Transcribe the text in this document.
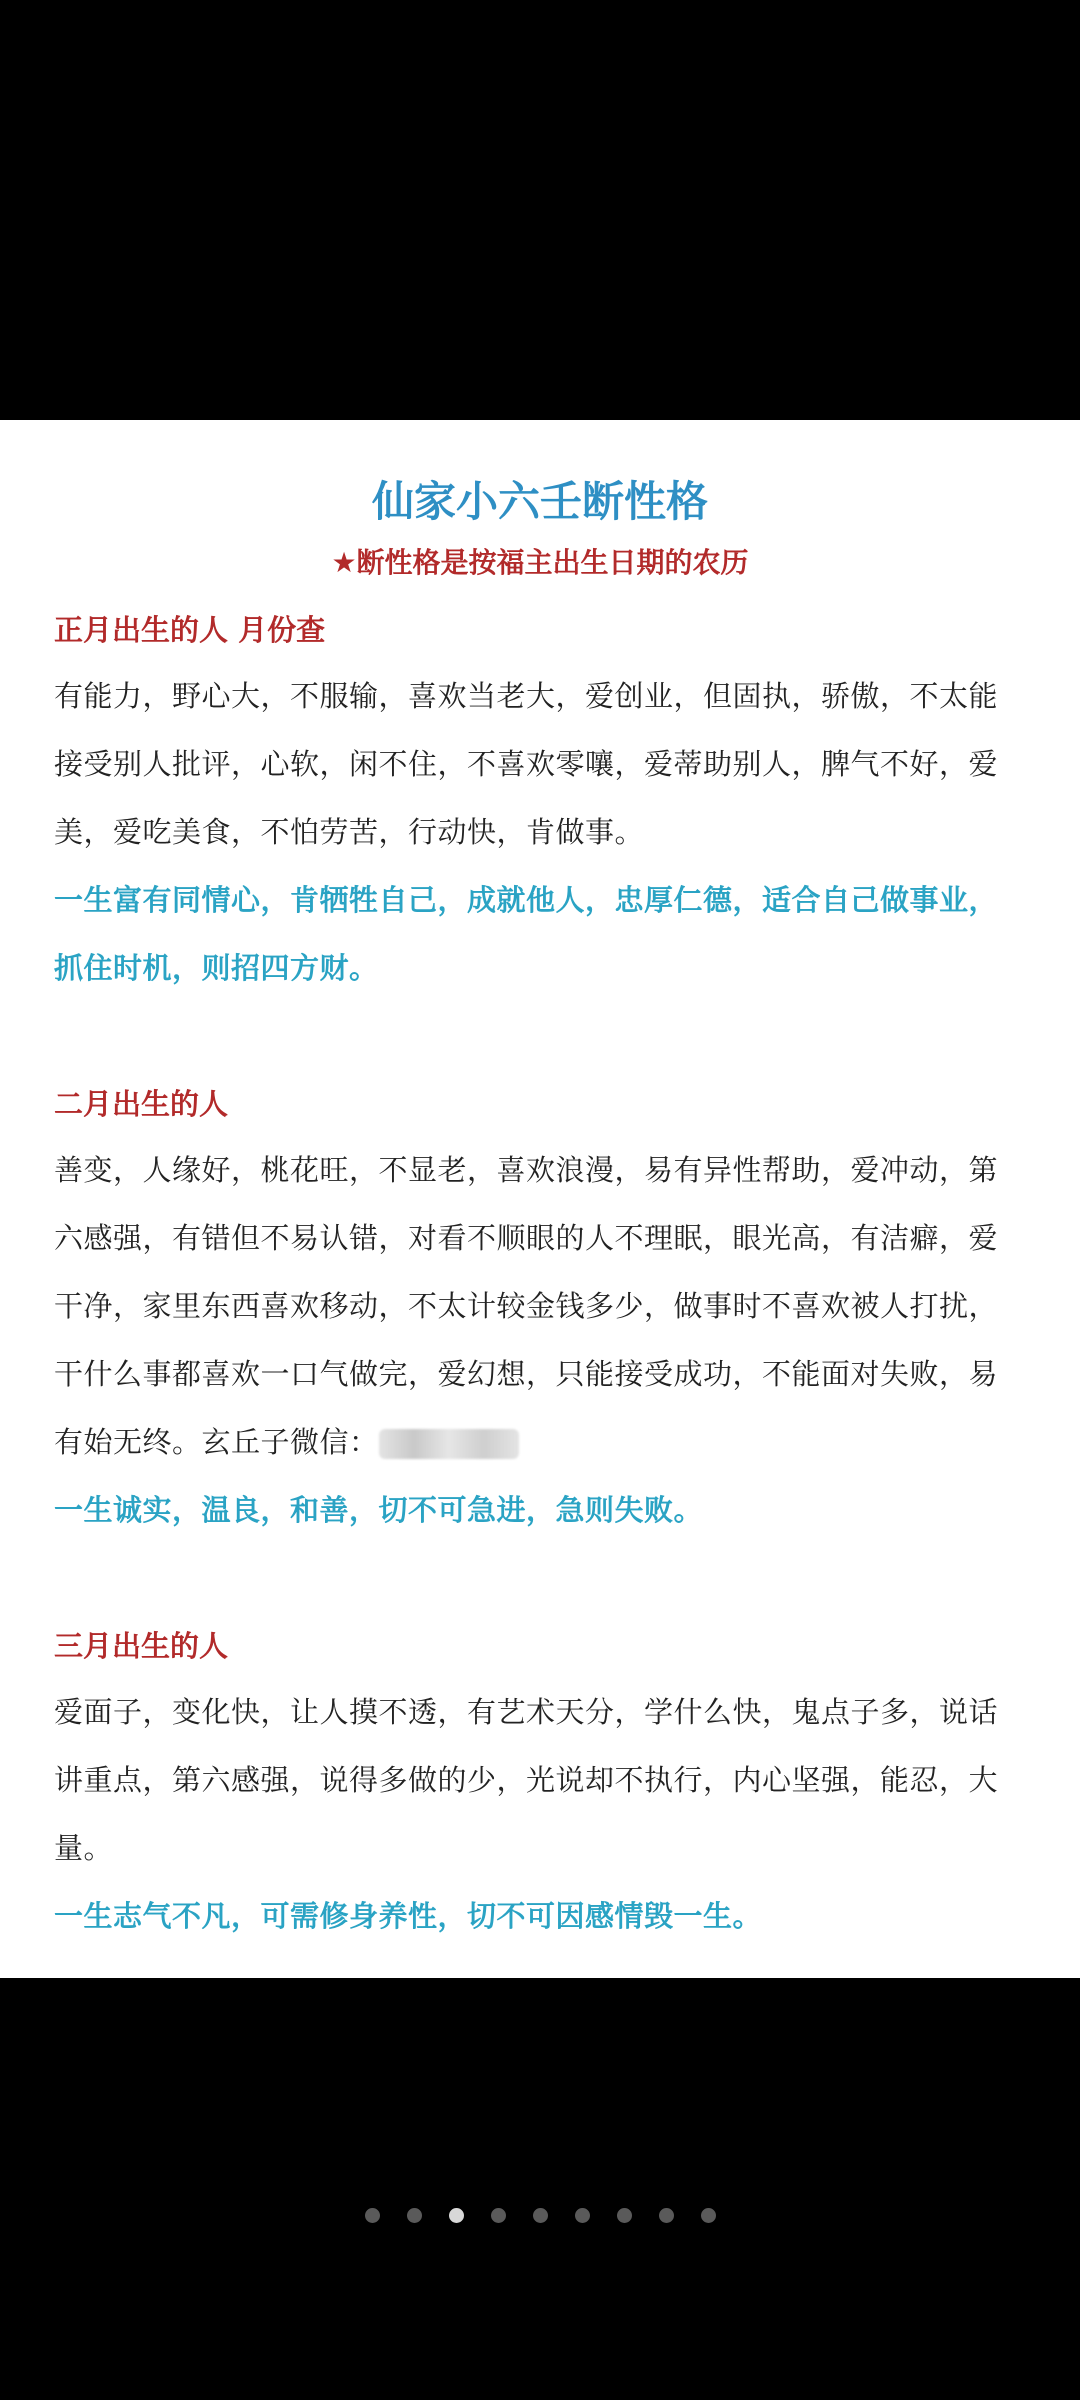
仙家小六壬断性格
★断性格是按福主出生日期的农历
正月出生的人 月份查

有能力，野心大，不服输，喜欢当老大，爱创业，但固执，骄傲，不太能接受别人批评，心软，闲不住，不喜欢零嚷，爱蒂助别人，脾气不好，爱美，爱吃美食，不怕劳苦，行动快，肯做事。

一生富有同情心，肯牺牲自己，成就他人，忠厚仁德，适合自己做事业，抓住时机，则招四方财。

二月出生的人

善变，人缘好，桃花旺，不显老，喜欢浪漫，易有异性帮助，爱冲动，第六感强，有错但不易认错，对看不顺眼的人不理眠，眼光高，有洁癖，爱干净，家里东西喜欢移动，不太计较金钱多少，做事时不喜欢被人打扰，干什么事都喜欢一口气做完，爱幻想，只能接受成功，不能面对失败，易有始无终。玄丘子微信：

一生诚实，温良，和善，切不可急进，急则失败。

三月出生的人

爱面子，变化快，让人摸不透，有艺术天分，学什么快，鬼点子多，说话讲重点，第六感强，说得多做的少，光说却不执行，内心坚强，能忍，大量。

一生志气不凡，可需修身养性，切不可因感情毁一生。
